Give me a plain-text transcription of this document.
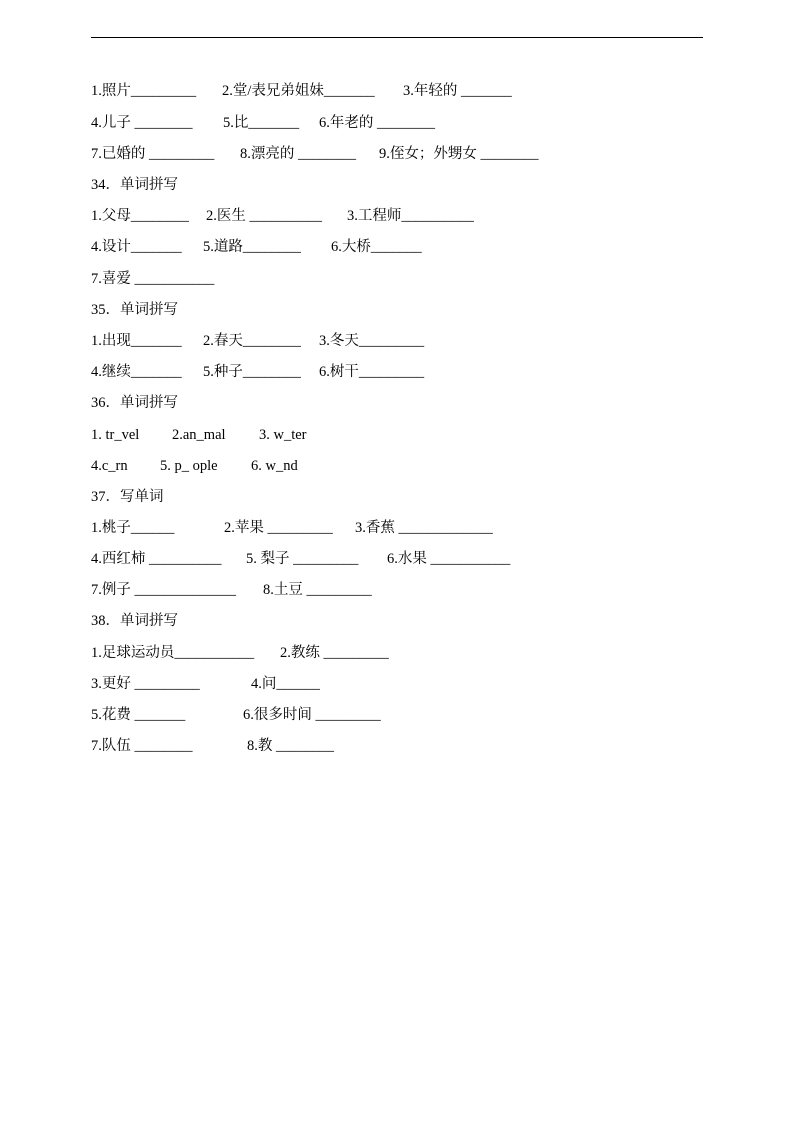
1.照片_________ 2.堂/表兄弟姐妹_______ 3.年轻的 _______
4.儿子 ________ 5.比_______ 6.年老的 ________
7.已婚的 _________ 8.漂亮的 ________ 9.侄女；外甥女 ________
34．单词拼写
1.父母________ 2.医生 __________ 3.工程师__________
4.设计_______ 5.道路________ 6.大桥_______
7.喜爱 ___________
35．单词拼写
1.出现_______ 2.春天________ 3.冬天_________
4.继续_______ 5.种子________ 6.树干_________
36．单词拼写
1. tr_vel 2.an_mal 3. w_ter
4.c_rn 5. p_ ople 6. w_nd
37．写单词
1.桃子______	2.苹果 _________ 3.香蕉 _____________
4.西红柿 __________ 5. 梨子 _________ 6.水果 ___________
7.例子 ______________ 8.土豆 _________
38．单词拼写
1.足球运动员___________ 2.教练 _________
3.更好 _________	4.问______
5.花费 _______	6.很多时间 _________
7.队伍 ________	8.教 ________
